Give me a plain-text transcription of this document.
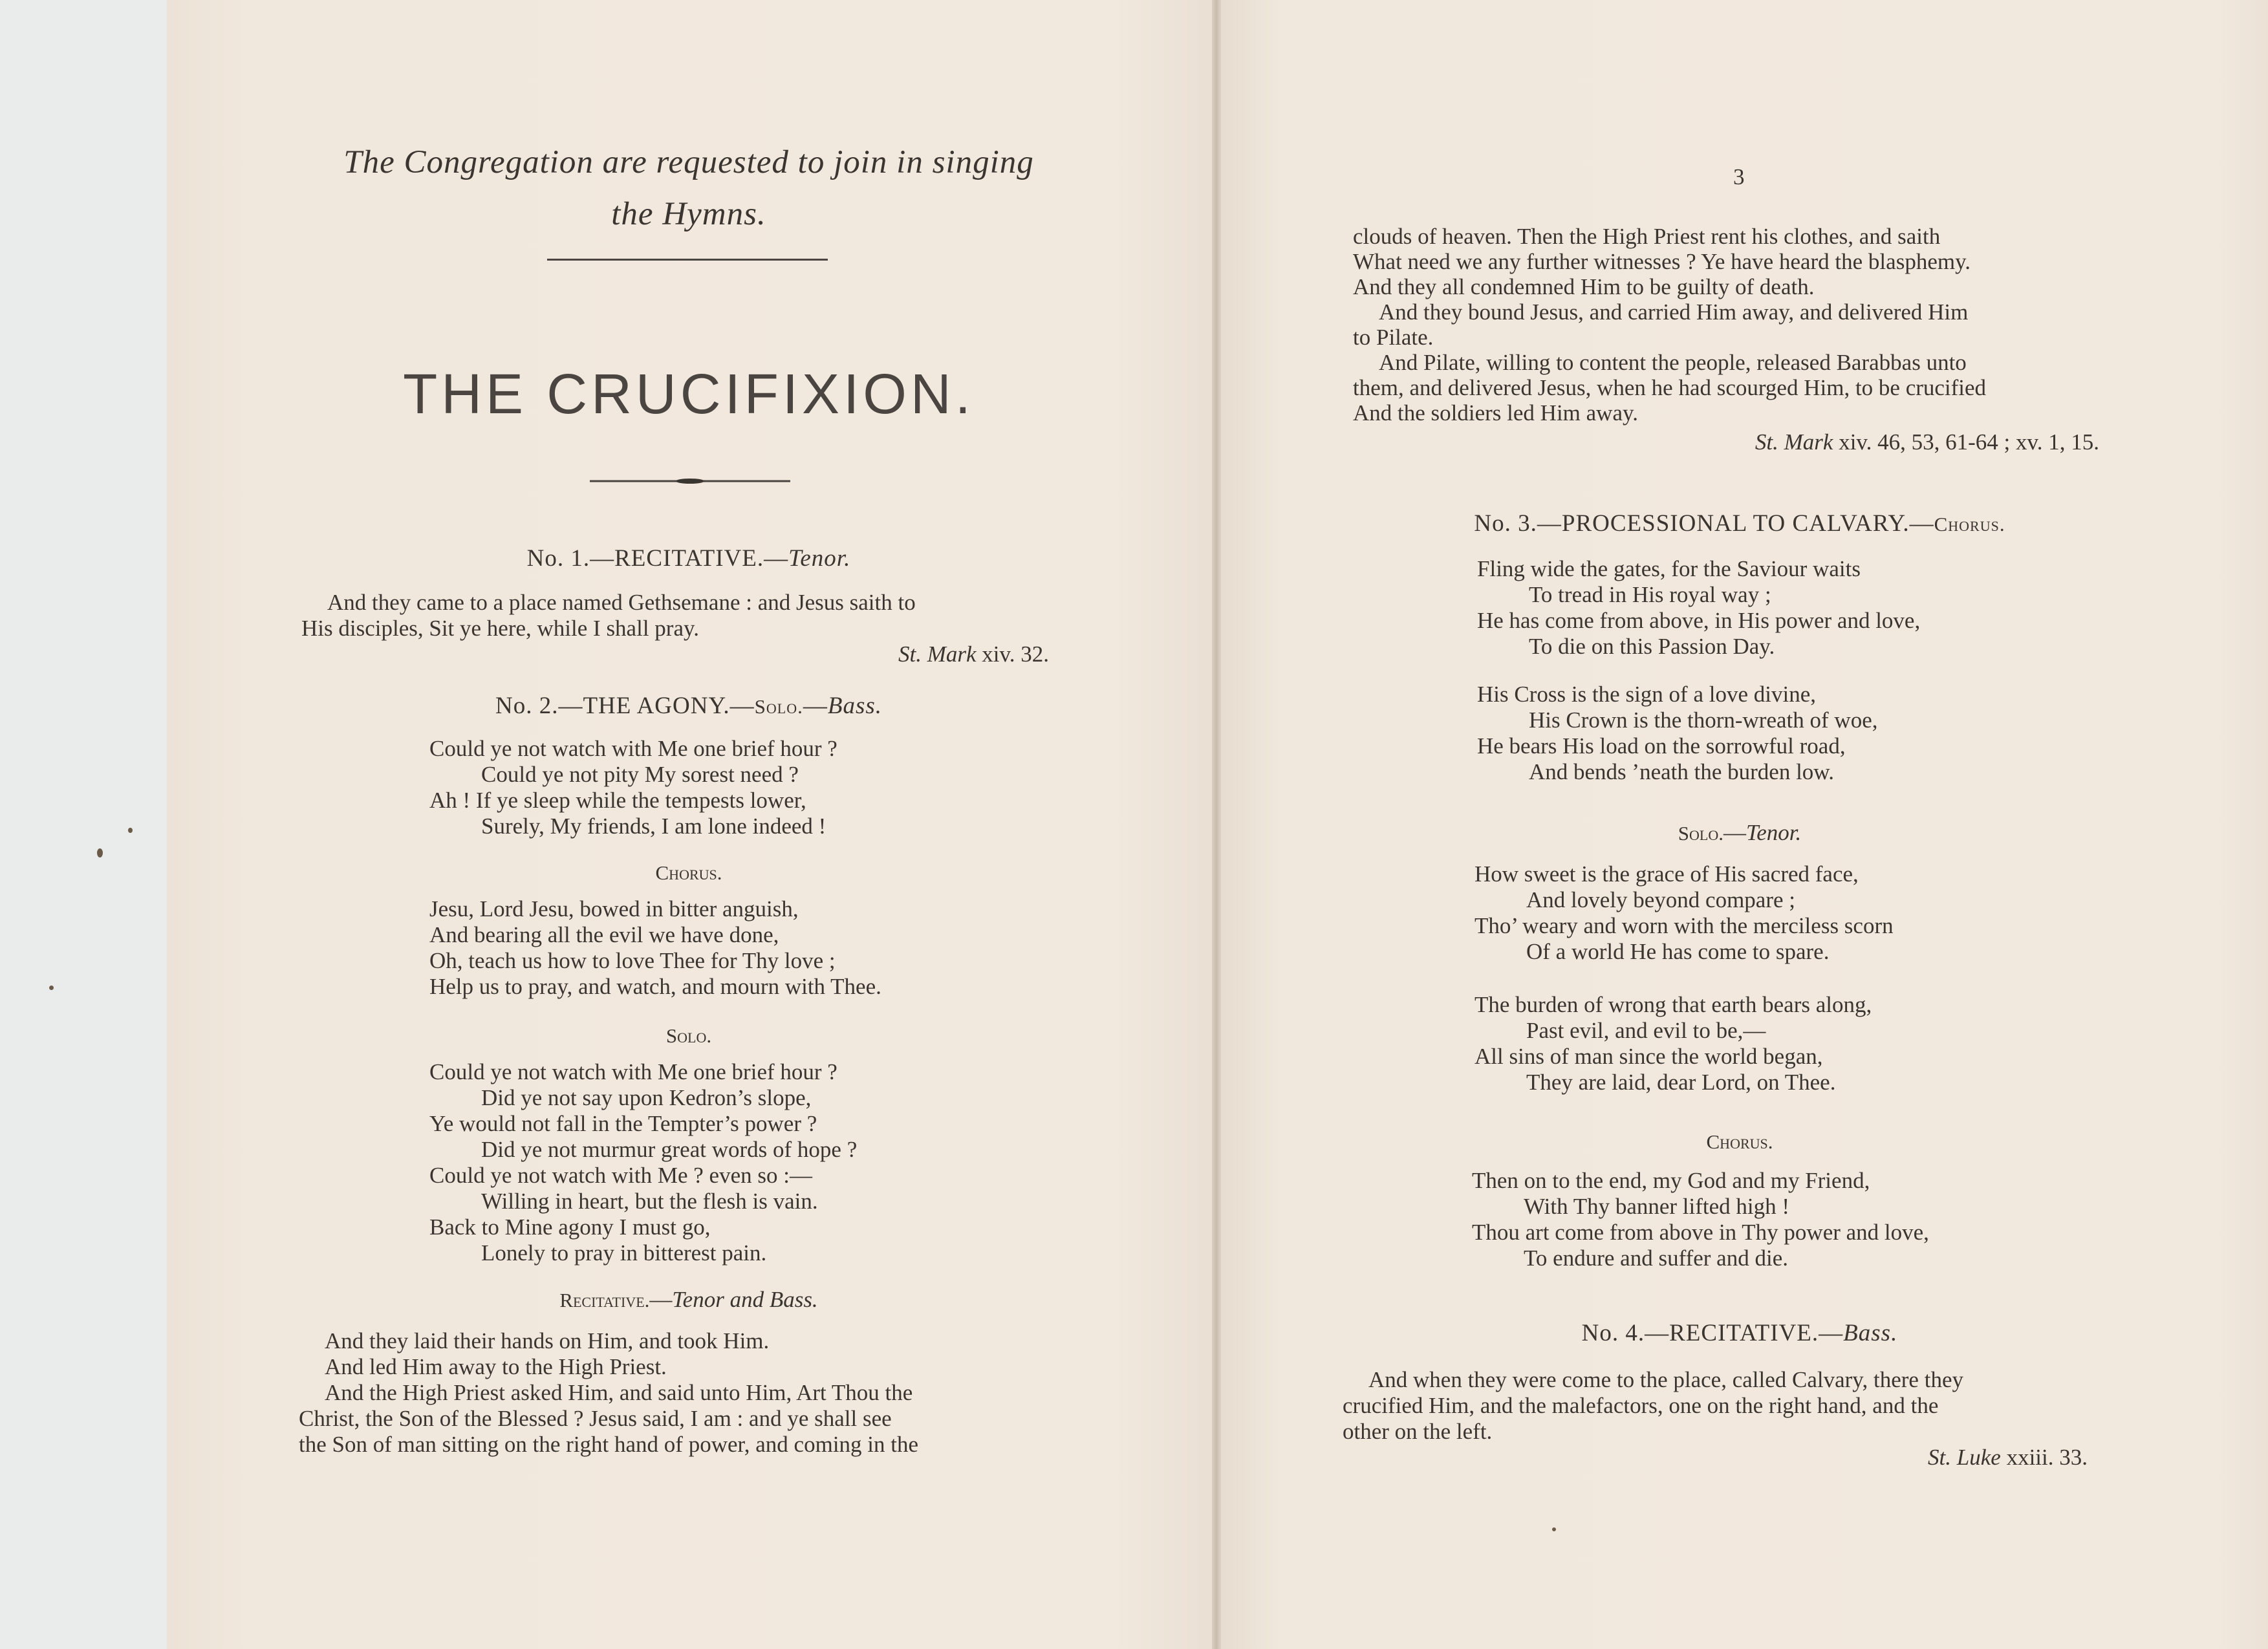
The Congregation are requested to join in singing
the Hymns.
THE CRUCIFIXION.
No. 1.—RECITATIVE.—Tenor.
And they came to a place named Gethsemane : and Jesus saith to
His disciples, Sit ye here, while I shall pray.
St. Mark xiv. 32.
No. 2.—THE AGONY.—Solo.—Bass.
Could ye not watch with Me one brief hour ?
Could ye not pity My sorest need ?
Ah ! If ye sleep while the tempests lower,
Surely, My friends, I am lone indeed !
Chorus.
Jesu, Lord Jesu, bowed in bitter anguish,
And bearing all the evil we have done,
Oh, teach us how to love Thee for Thy love ;
Help us to pray, and watch, and mourn with Thee.
Solo.
Could ye not watch with Me one brief hour ?
Did ye not say upon Kedron’s slope,
Ye would not fall in the Tempter’s power ?
Did ye not murmur great words of hope ?
Could ye not watch with Me ? even so :—
Willing in heart, but the flesh is vain.
Back to Mine agony I must go,
Lonely to pray in bitterest pain.
Recitative.—Tenor and Bass.
And they laid their hands on Him, and took Him.
And led Him away to the High Priest.
And the High Priest asked Him, and said unto Him, Art Thou the
Christ, the Son of the Blessed ? Jesus said, I am : and ye shall see
the Son of man sitting on the right hand of power, and coming in the
3
clouds of heaven. Then the High Priest rent his clothes, and saith
What need we any further witnesses ? Ye have heard the blasphemy.
And they all condemned Him to be guilty of death.
And they bound Jesus, and carried Him away, and delivered Him
to Pilate.
And Pilate, willing to content the people, released Barabbas unto
them, and delivered Jesus, when he had scourged Him, to be crucified
And the soldiers led Him away.
St. Mark xiv. 46, 53, 61-64 ; xv. 1, 15.
No. 3.—PROCESSIONAL TO CALVARY.—Chorus.
Fling wide the gates, for the Saviour waits
To tread in His royal way ;
He has come from above, in His power and love,
To die on this Passion Day.
His Cross is the sign of a love divine,
His Crown is the thorn-wreath of woe,
He bears His load on the sorrowful road,
And bends ’neath the burden low.
Solo.—Tenor.
How sweet is the grace of His sacred face,
And lovely beyond compare ;
Tho’ weary and worn with the merciless scorn
Of a world He has come to spare.
The burden of wrong that earth bears along,
Past evil, and evil to be,—
All sins of man since the world began,
They are laid, dear Lord, on Thee.
Chorus.
Then on to the end, my God and my Friend,
With Thy banner lifted high !
Thou art come from above in Thy power and love,
To endure and suffer and die.
No. 4.—RECITATIVE.—Bass.
And when they were come to the place, called Calvary, there they
crucified Him, and the malefactors, one on the right hand, and the
other on the left.
St. Luke xxiii. 33.
